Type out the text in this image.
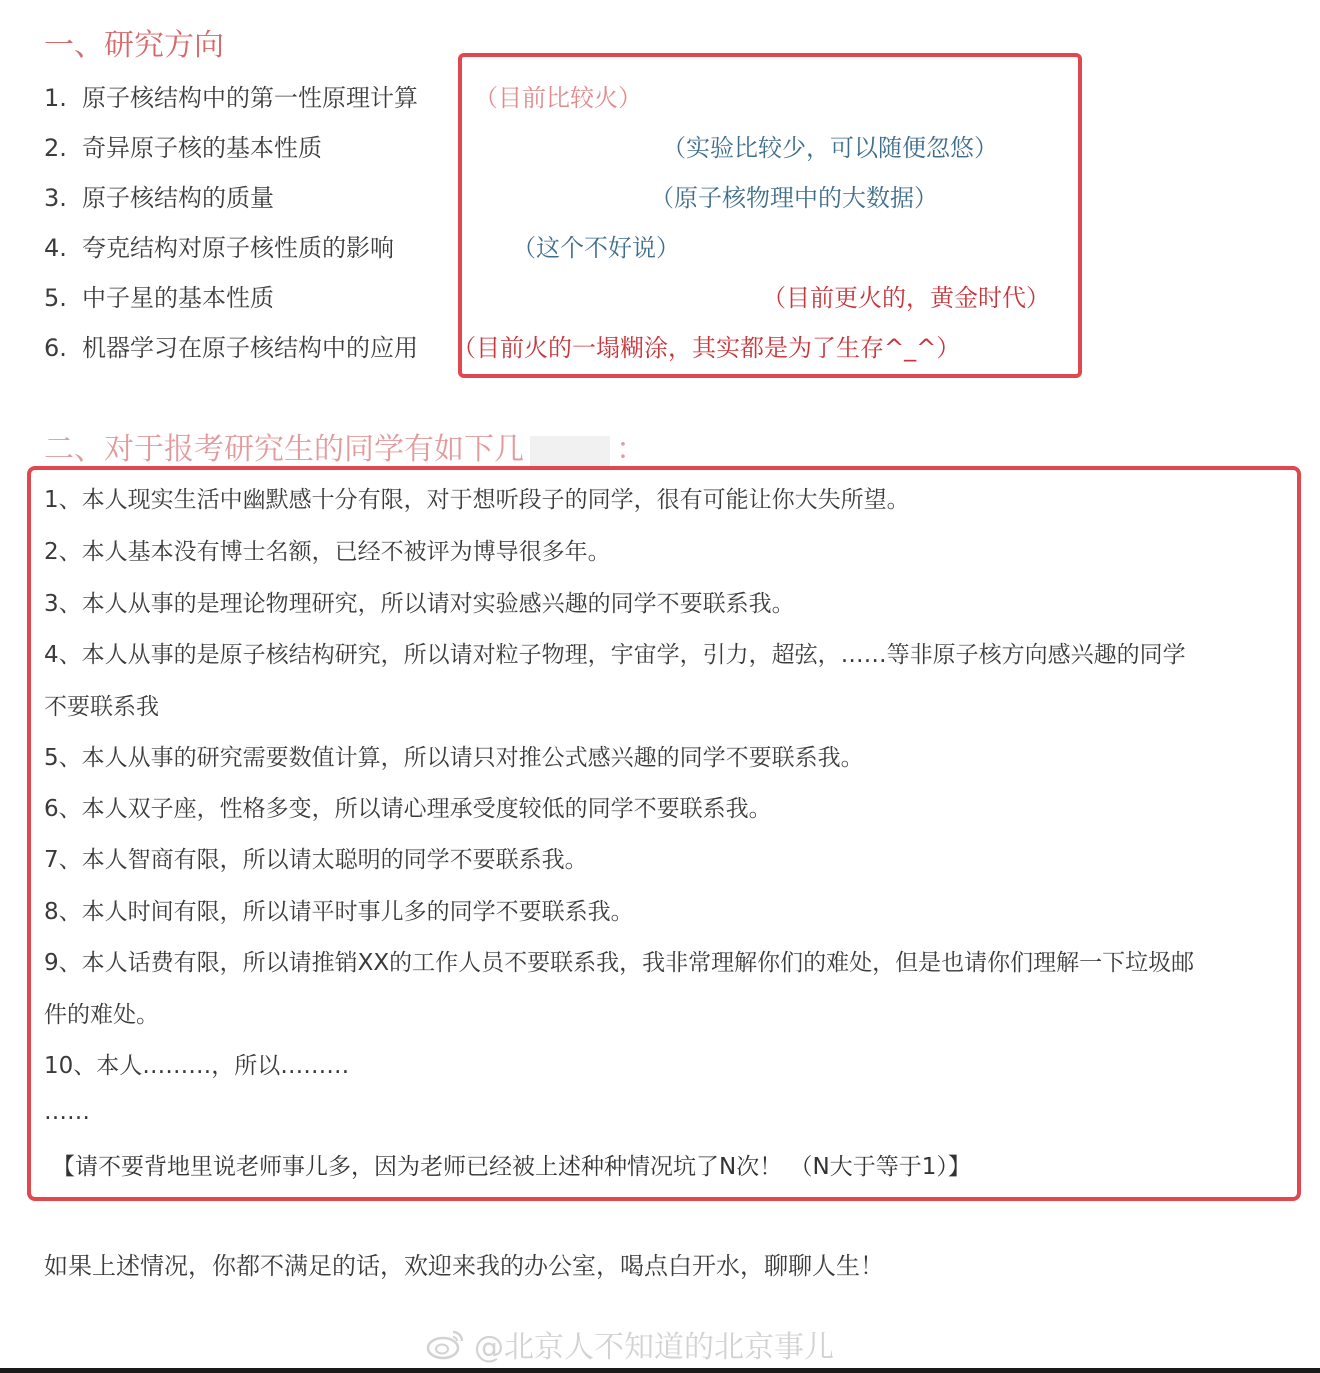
一、研究方向
1. 原子核结构中的第一性原理计算 （目前比较火）
2. 奇异原子核的基本性质	（实验比较少，可以随便忽悠）
3. 原子核结构的质量	（原子核物理中的大数据）
4. 夸克结构对原子核性质的影响	（这个不好说）
5. 中子星的基本性质	（目前更火的，黄金时代）
6. 机器学习在原子核结构中的应用 （目前火的一塌糊涂，其实都是为了生存^_^）
二、对于报考研究生的同学有如下几	：
1、本人现实生活中幽默感十分有限，对于想听段子的同学，很有可能让你大失所望。
2、本人基本没有博士名额，已经不被评为博导很多年。
3、本人从事的是理论物理研究，所以请对实验感兴趣的同学不要联系我。
4、本人从事的是原子核结构研究，所以请对粒子物理，宇宙学，引力，超弦，……等非原子核方向感兴趣的同学
不要联系我
5、本人从事的研究需要数值计算，所以请只对推公式感兴趣的同学不要联系我。
6、本人双子座，性格多变，所以请心理承受度较低的同学不要联系我。
7、本人智商有限，所以请太聪明的同学不要联系我。
8、本人时间有限，所以请平时事儿多的同学不要联系我。
9、本人话费有限，所以请推销XX的工作人员不要联系我，我非常理解你们的难处，但是也请你们理解一下垃圾邮
件的难处。
10、本人………，所以………
……
【请不要背地里说老师事儿多，因为老师已经被上述种种情况坑了N次！ （N大于等于1）】
如果上述情况，你都不满足的话，欢迎来我的办公室，喝点白开水，聊聊人生！
@北京人不知道的北京事儿
